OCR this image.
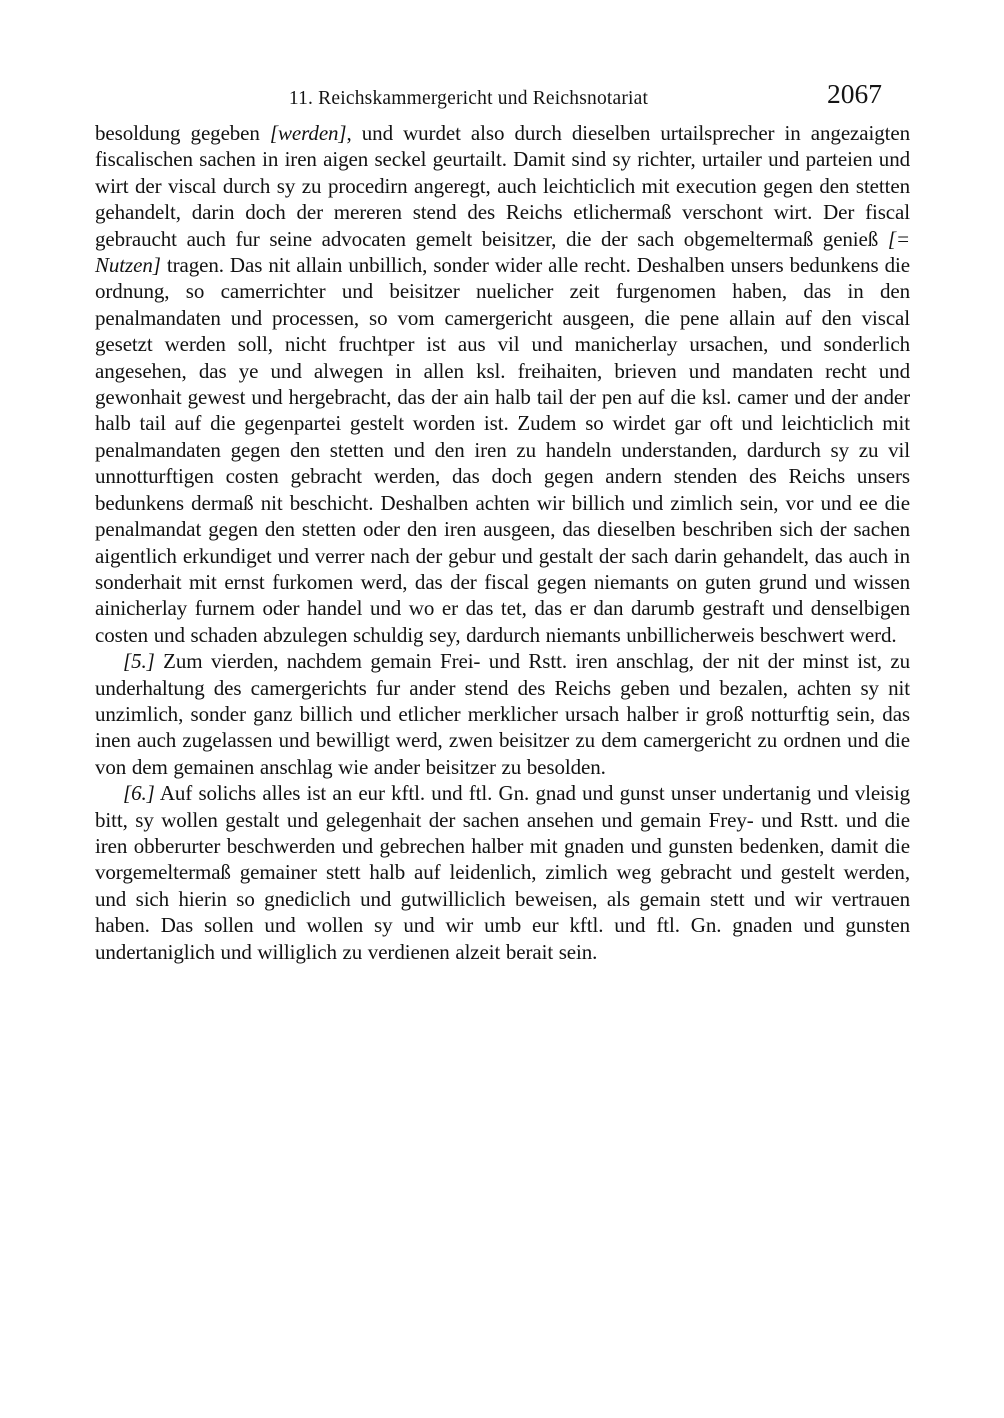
11. Reichskammergericht und Reichsnotariat	2067

besoldung gegeben [werden], und wurdet also durch dieselben urtailsprecher in angezaigten fiscalischen sachen in iren aigen seckel geurtailt. Damit sind sy richter, urtailer und parteien und wirt der viscal durch sy zu procedirn angeregt, auch leichticlich mit execution gegen den stetten gehandelt, darin doch der mereren stend des Reichs etlichermaß verschont wirt. Der fiscal gebraucht auch fur seine advocaten gemelt beisitzer, die der sach obgemeltermaß genieß [= Nutzen] tragen. Das nit allain unbillich, sonder wider alle recht. Deshalben unsers bedunkens die ordnung, so camerrichter und beisitzer nuelicher zeit furgenomen haben, das in den penalmandaten und processen, so vom camergericht ausgeen, die pene allain auf den viscal gesetzt werden soll, nicht fruchtper ist aus vil und manicherlay ursachen, und sonderlich angesehen, das ye und alwegen in allen ksl. freihaiten, brieven und mandaten recht und gewonhait gewest und hergebracht, das der ain halb tail der pen auf die ksl. camer und der ander halb tail auf die gegenpartei gestelt worden ist. Zudem so wirdet gar oft und leichticlich mit penalmandaten gegen den stetten und den iren zu handeln understanden, dardurch sy zu vil unnotturftigen costen gebracht werden, das doch gegen andern stenden des Reichs unsers bedunkens dermaß nit beschicht. Deshalben achten wir billich und zimlich sein, vor und ee die penalmandat gegen den stetten oder den iren ausgeen, das dieselben beschriben sich der sachen aigentlich erkundiget und verrer nach der gebur und gestalt der sach darin gehandelt, das auch in sonderhait mit ernst furkomen werd, das der fiscal gegen niemants on guten grund und wissen ainicherlay furnem oder handel und wo er das tet, das er dan darumb gestraft und denselbigen costen und schaden abzulegen schuldig sey, dardurch niemants unbillicherweis beschwert werd.

[5.] Zum vierden, nachdem gemain Frei- und Rstt. iren anschlag, der nit der minst ist, zu underhaltung des camergerichts fur ander stend des Reichs geben und bezalen, achten sy nit unzimlich, sonder ganz billich und etlicher merklicher ursach halber ir groß notturftig sein, das inen auch zugelassen und bewilligt werd, zwen beisitzer zu dem camergericht zu ordnen und die von dem gemainen anschlag wie ander beisitzer zu besolden.

[6.] Auf solichs alles ist an eur kftl. und ftl. Gn. gnad und gunst unser undertanig und vleisig bitt, sy wollen gestalt und gelegenhait der sachen ansehen und gemain Frey- und Rstt. und die iren obberurter beschwerden und gebrechen halber mit gnaden und gunsten bedenken, damit die vorgemeltermaß gemainer stett halb auf leidenlich, zimlich weg gebracht und gestelt werden, und sich hierin so gnediclich und gutwilliclich beweisen, als gemain stett und wir vertrauen haben. Das sollen und wollen sy und wir umb eur kftl. und ftl. Gn. gnaden und gunsten undertaniglich und williglich zu verdienen alzeit berait sein.
